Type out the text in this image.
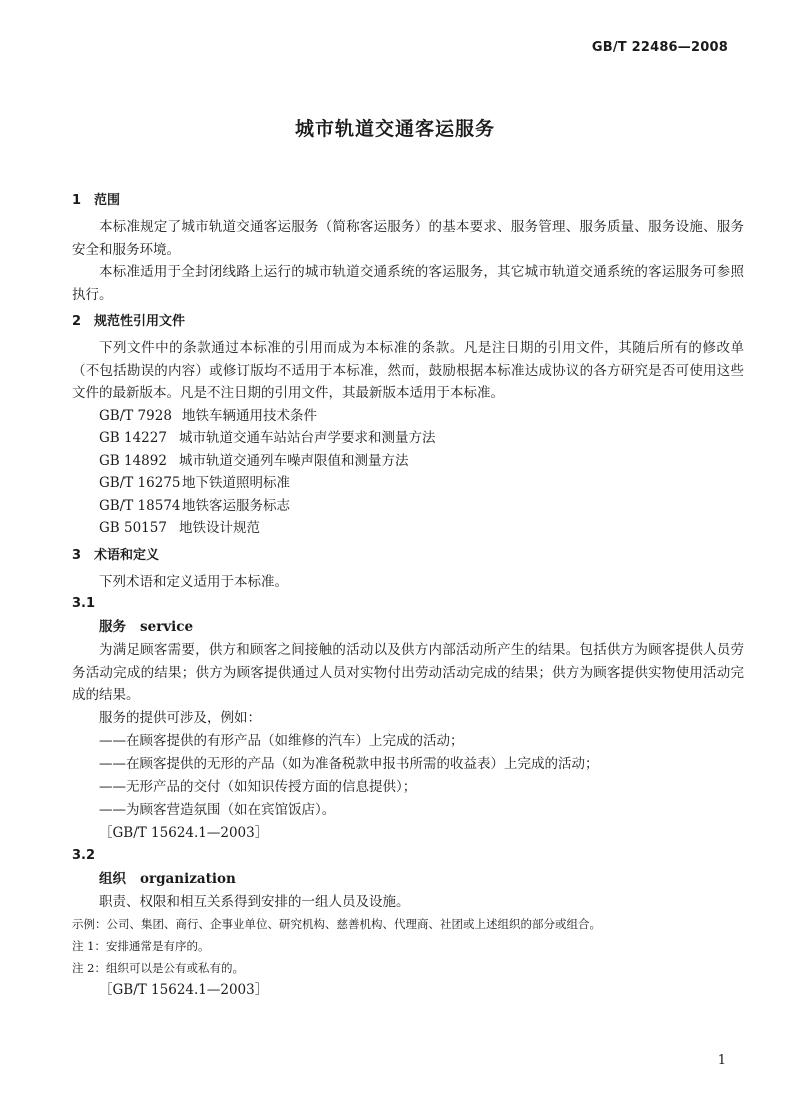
GB/T 22486—2008
城市轨道交通客运服务
1 范围

本标准规定了城市轨道交通客运服务（简称客运服务）的基本要求、服务管理、服务质量、服务设施、服务安全和服务环境。

本标准适用于全封闭线路上运行的城市轨道交通系统的客运服务，其它城市轨道交通系统的客运服务可参照执行。

2 规范性引用文件

下列文件中的条款通过本标准的引用而成为本标准的条款。凡是注日期的引用文件，其随后所有的修改单（不包括勘误的内容）或修订版均不适用于本标准，然而，鼓励根据本标准达成协议的各方研究是否可使用这些文件的最新版本。凡是不注日期的引用文件，其最新版本适用于本标准。

GB/T 7928 地铁车辆通用技术条件
GB 14227 城市轨道交通车站站台声学要求和测量方法
GB 14892 城市轨道交通列车噪声限值和测量方法
GB/T 16275 地下铁道照明标准
GB/T 18574 地铁客运服务标志
GB 50157 地铁设计规范
3 术语和定义

下列术语和定义适用于本标准。

3.1
服务 service

为满足顾客需要，供方和顾客之间接触的活动以及供方内部活动所产生的结果。包括供方为顾客提供人员劳务活动完成的结果；供方为顾客提供通过人员对实物付出劳动活动完成的结果；供方为顾客提供实物使用活动完成的结果。

服务的提供可涉及，例如：
——在顾客提供的有形产品（如维修的汽车）上完成的活动；
——在顾客提供的无形的产品（如为准备税款申报书所需的收益表）上完成的活动；
——无形产品的交付（如知识传授方面的信息提供）；
——为顾客营造氛围（如在宾馆饭店）。
［GB/T 15624.1—2003］
3.2
组织 organization

职责、权限和相互关系得到安排的一组人员及设施。

示例：公司、集团、商行、企事业单位、研究机构、慈善机构、代理商、社团或上述组织的部分或组合。
注 1：安排通常是有序的。
注 2：组织可以是公有或私有的。
［GB/T 15624.1—2003］
1
